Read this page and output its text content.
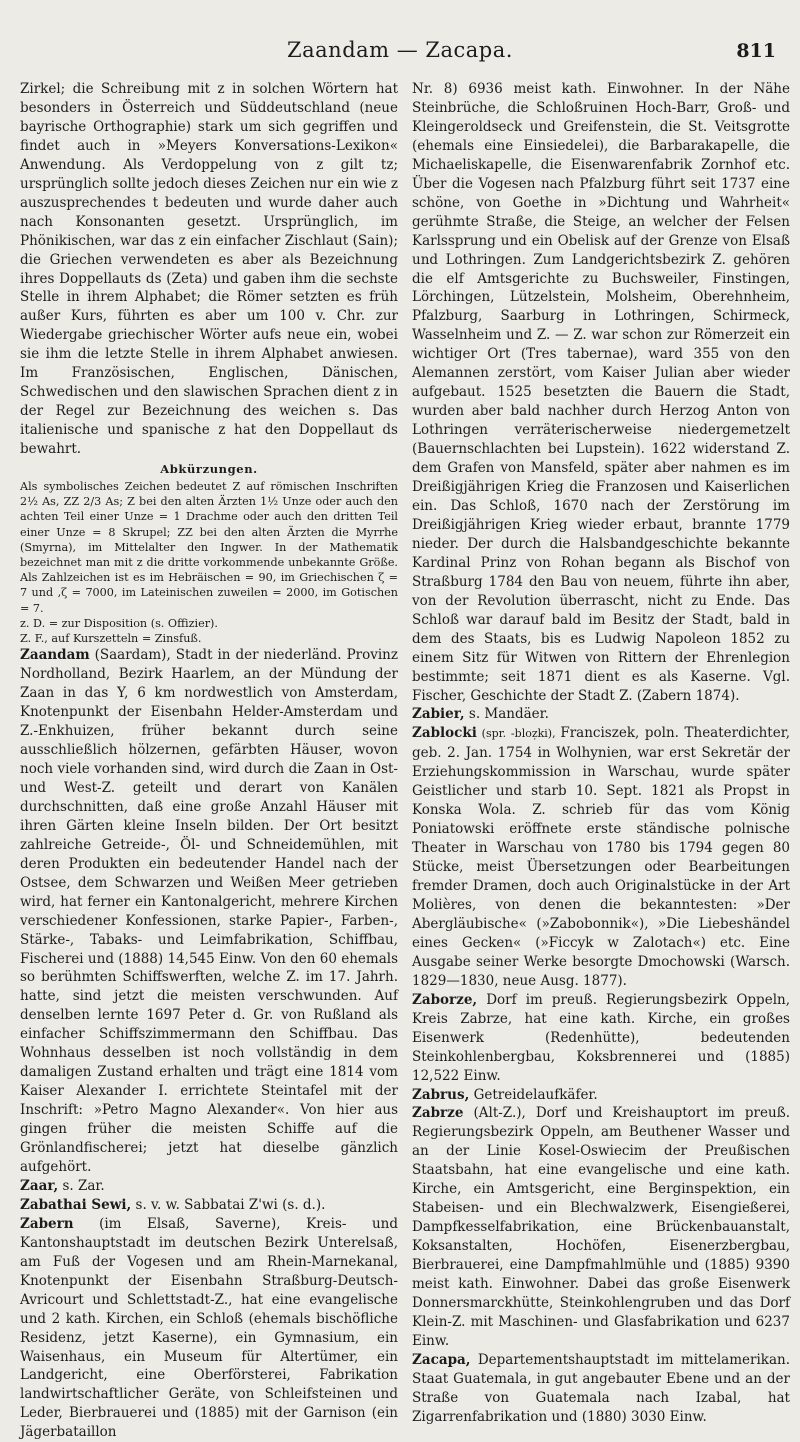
Zaandam — Zacapa.	811

Zirkel; die Schreibung mit z in solchen Wörtern hat besonders in Österreich und Süddeutschland (neue bayrische Orthographie) stark um sich gegriffen und findet auch in »Meyers Konversations-Lexikon« Anwendung. Als Verdoppelung von z gilt tz; ursprünglich sollte jedoch dieses Zeichen nur ein wie z auszusprechendes t bedeuten und wurde daher auch nach Konsonanten gesetzt. Ursprünglich, im Phönikischen, war das z ein einfacher Zischlaut (Sain); die Griechen verwendeten es aber als Bezeichnung ihres Doppellauts ds (Zeta) und gaben ihm die sechste Stelle in ihrem Alphabet; die Römer setzten es früh außer Kurs, führten es aber um 100 v. Chr. zur Wiedergabe griechischer Wörter aufs neue ein, wobei sie ihm die letzte Stelle in ihrem Alphabet anwiesen. Im Französischen, Englischen, Dänischen, Schwedischen und den slawischen Sprachen dient z in der Regel zur Bezeichnung des weichen s. Das italienische und spanische z hat den Doppellaut ds bewahrt.

Abkürzungen.

Als symbolisches Zeichen bedeutet Z auf römischen Inschriften 2½ As, ZZ 2/3 As; Z bei den alten Ärzten 1½ Unze oder auch den achten Teil einer Unze = 1 Drachme oder auch den dritten Teil einer Unze = 8 Skrupel; ZZ bei den alten Ärzten die Myrrhe (Smyrna), im Mittelalter den Ingwer. In der Mathematik bezeichnet man mit z die dritte vorkommende unbekannte Größe. Als Zahlzeichen ist es im Hebräischen = 90, im Griechischen ζ = 7 und ,ζ = 7000, im Lateinischen zuweilen = 2000, im Gotischen = 7.

z. D. = zur Disposition (s. Offizier).

Z. F., auf Kurszetteln = Zinsfuß.

Zaandam (Saardam), Stadt in der niederländ. Provinz Nordholland, Bezirk Haarlem, an der Mündung der Zaan in das Y, 6 km nordwestlich von Amsterdam, Knotenpunkt der Eisenbahn Helder-Amsterdam und Z.-Enkhuizen, früher bekannt durch seine ausschließlich hölzernen, gefärbten Häuser, wovon noch viele vorhanden sind, wird durch die Zaan in Ost- und West-Z. geteilt und derart von Kanälen durchschnitten, daß eine große Anzahl Häuser mit ihren Gärten kleine Inseln bilden. Der Ort besitzt zahlreiche Getreide-, Öl- und Schneidemühlen, mit deren Produkten ein bedeutender Handel nach der Ostsee, dem Schwarzen und Weißen Meer getrieben wird, hat ferner ein Kantonalgericht, mehrere Kirchen verschiedener Konfessionen, starke Papier-, Farben-, Stärke-, Tabaks- und Leimfabrikation, Schiffbau, Fischerei und (1888) 14,545 Einw. Von den 60 ehemals so berühmten Schiffswerften, welche Z. im 17. Jahrh. hatte, sind jetzt die meisten verschwunden. Auf denselben lernte 1697 Peter d. Gr. von Rußland als einfacher Schiffszimmermann den Schiffbau. Das Wohnhaus desselben ist noch vollständig in dem damaligen Zustand erhalten und trägt eine 1814 vom Kaiser Alexander I. errichtete Steintafel mit der Inschrift: »Petro Magno Alexander«. Von hier aus gingen früher die meisten Schiffe auf die Grönlandfischerei; jetzt hat dieselbe gänzlich aufgehört.

Zaar, s. Zar.

Zabathai Sewi, s. v. w. Sabbatai Z'wi (s. d.).

Zabern (im Elsaß, Saverne), Kreis- und Kantonshauptstadt im deutschen Bezirk Unterelsaß, am Fuß der Vogesen und am Rhein-Marnekanal, Knotenpunkt der Eisenbahn Straßburg-Deutsch-Avricourt und Schlettstadt-Z., hat eine evangelische und 2 kath. Kirchen, ein Schloß (ehemals bischöfliche Residenz, jetzt Kaserne), ein Gymnasium, ein Waisenhaus, ein Museum für Altertümer, ein Landgericht, eine Oberförsterei, Fabrikation landwirtschaftlicher Geräte, von Schleifsteinen und Leder, Bierbrauerei und (1885) mit der Garnison (ein Jägerbataillon

Nr. 8) 6936 meist kath. Einwohner. In der Nähe Steinbrüche, die Schloßruinen Hoch-Barr, Groß- und Kleingeroldseck und Greifenstein, die St. Veitsgrotte (ehemals eine Einsiedelei), die Barbarakapelle, die Michaeliskapelle, die Eisenwarenfabrik Zornhof etc. Über die Vogesen nach Pfalzburg führt seit 1737 eine schöne, von Goethe in »Dichtung und Wahrheit« gerühmte Straße, die Steige, an welcher der Felsen Karlssprung und ein Obelisk auf der Grenze von Elsaß und Lothringen. Zum Landgerichtsbezirk Z. gehören die elf Amtsgerichte zu Buchsweiler, Finstingen, Lörchingen, Lützelstein, Molsheim, Oberehnheim, Pfalzburg, Saarburg in Lothringen, Schirmeck, Wasselnheim und Z. — Z. war schon zur Römerzeit ein wichtiger Ort (Tres tabernae), ward 355 von den Alemannen zerstört, vom Kaiser Julian aber wieder aufgebaut. 1525 besetzten die Bauern die Stadt, wurden aber bald nachher durch Herzog Anton von Lothringen verräterischerweise niedergemetzelt (Bauernschlachten bei Lupstein). 1622 widerstand Z. dem Grafen von Mansfeld, später aber nahmen es im Dreißigjährigen Krieg die Franzosen und Kaiserlichen ein. Das Schloß, 1670 nach der Zerstörung im Dreißigjährigen Krieg wieder erbaut, brannte 1779 nieder. Der durch die Halsbandgeschichte bekannte Kardinal Prinz von Rohan begann als Bischof von Straßburg 1784 den Bau von neuem, führte ihn aber, von der Revolution überrascht, nicht zu Ende. Das Schloß war darauf bald im Besitz der Stadt, bald in dem des Staats, bis es Ludwig Napoleon 1852 zu einem Sitz für Witwen von Rittern der Ehrenlegion bestimmte; seit 1871 dient es als Kaserne. Vgl. Fischer, Geschichte der Stadt Z. (Zabern 1874).

Zabier, s. Mandäer.

Zablocki (spr. -bloẓki), Franciszek, poln. Theaterdichter, geb. 2. Jan. 1754 in Wolhynien, war erst Sekretär der Erziehungskommission in Warschau, wurde später Geistlicher und starb 10. Sept. 1821 als Propst in Konska Wola. Z. schrieb für das vom König Poniatowski eröffnete erste ständische polnische Theater in Warschau von 1780 bis 1794 gegen 80 Stücke, meist Übersetzungen oder Bearbeitungen fremder Dramen, doch auch Originalstücke in der Art Molières, von denen die bekanntesten: »Der Abergläubische« (»Zabobonnik«), »Die Liebeshändel eines Gecken« (»Ficcyk w Zalotach«) etc. Eine Ausgabe seiner Werke besorgte Dmochowski (Warsch. 1829—1830, neue Ausg. 1877).

Zaborze, Dorf im preuß. Regierungsbezirk Oppeln, Kreis Zabrze, hat eine kath. Kirche, ein großes Eisenwerk (Redenhütte), bedeutenden Steinkohlenbergbau, Koksbrennerei und (1885) 12,522 Einw.

Zabrus, Getreidelaufkäfer.

Zabrze (Alt-Z.), Dorf und Kreishauptort im preuß. Regierungsbezirk Oppeln, am Beuthener Wasser und an der Linie Kosel-Oswiecim der Preußischen Staatsbahn, hat eine evangelische und eine kath. Kirche, ein Amtsgericht, eine Berginspektion, ein Stabeisen- und ein Blechwalzwerk, Eisengießerei, Dampfkesselfabrikation, eine Brückenbauanstalt, Koksanstalten, Hochöfen, Eisenerzbergbau, Bierbrauerei, eine Dampfmahlmühle und (1885) 9390 meist kath. Einwohner. Dabei das große Eisenwerk Donnersmarckhütte, Steinkohlengruben und das Dorf Klein-Z. mit Maschinen- und Glasfabrikation und 6237 Einw.

Zacapa, Departementshauptstadt im mittelamerikan. Staat Guatemala, in gut angebauter Ebene und an der Straße von Guatemala nach Izabal, hat Zigarrenfabrikation und (1880) 3030 Einw.
